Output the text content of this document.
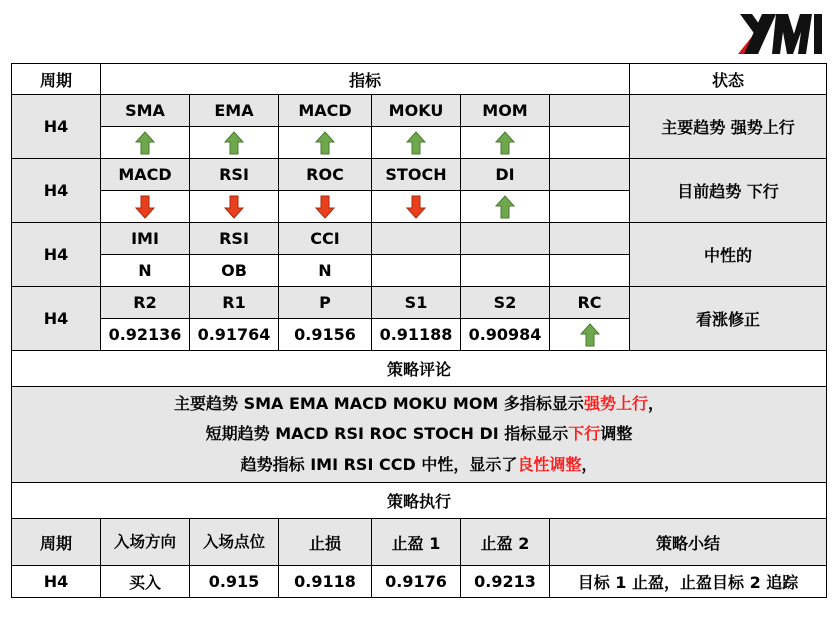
周期	指标						状态
H4	SMA	EMA	MACD	MOKU	MOM		主要趋势 强势上行

H4	MACD	RSI	ROC	STOCH	DI		目前趋势 下行

H4	IMI	RSI	CCI				中性的
	N	OB	N				
H4	R2	R1	P	S1	S2	RC	看涨修正
	0.92136	0.91764	0.9156	0.91188	0.90984	

策略评论							

主要趋势 SMA EMA MACD MOKU MOM 多指标显示强势上行，
短期趋势 MACD RSI ROC STOCH DI 指标显示下行调整
趋势指标 IMI RSI CCD 中性，显示了良性调整，							

策略执行							
周期	入场方向	入场点位	止损	止盈 1	止盈 2	策略小结	
H4	买入	0.915	0.9118	0.9176	0.9213	目标 1 止盈，止盈目标 2 追踪	
